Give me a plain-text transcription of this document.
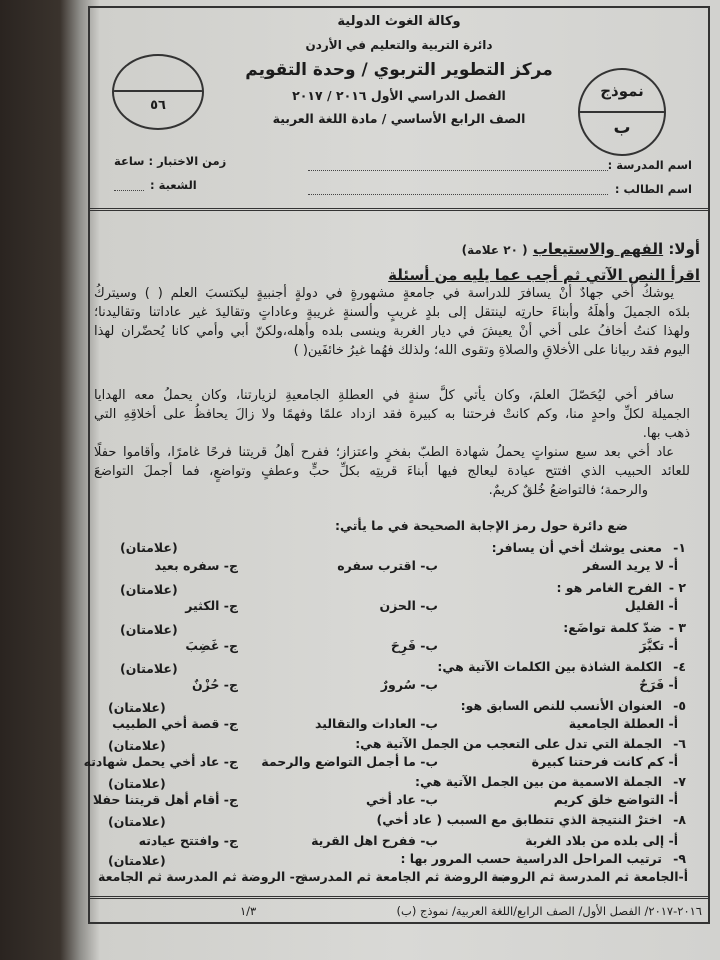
وكالة الغوث الدولية
دائرة التربية والتعليم في الأردن
مركز التطوير التربوي / وحدة التقويم
الفصل الدراسي الأول ٢٠١٦ / ٢٠١٧
الصف الرابع الأساسي / مادة اللغة العربية
نموذج
ب
٥٦
اسم المدرسة :
اسم الطالب :
زمن الاختبار : ساعة
الشعبة :
أولا: الفهم والاستيعاب ( ٢٠ علامة)
اقرأ النص الآتي ثم أجب عما يليه من أسئلة
يوشكُ أخي جهادٌ أنْ يسافرَ للدراسة في جامعةٍ مشهورةٍ في دولةٍ أجنبيةٍ ليكتسبَ العلم ( ) وسيتركُ
بلدَه الجميلَ وأهلَهُ وأبناءَ حارتِه لينتقل إلى بلدٍ غريبٍ وألسنةٍ غريبةٍ وعاداتٍ وتقاليدَ غير عاداتنا وتقاليدنا؛
ولهذا كنتُ أخافُ على أخي أنْ يعيشَ في ديار الغربة وينسى بلده وأهله،ولكنّ أبي وأمي كانا يُحضّران لهذا
اليوم فقد ربيانا على الأخلاقِ والصلاةِ وتقوى الله؛ ولذلك فهُما غيرُ خائفَين( )
سافر أخي ليُحَصّلَ العلمَ، وكان يأتي كلَّ سنةٍ في العطلةِ الجامعيةِ لزيارتنا، وكان يحملُ معه الهدايا
الجميلة لكلِّ واحدٍ منا، وكم كانتْ فرحتنا به كبيرة فقد ازداد علمًا وفهمًا ولا زالَ يحافظُ على أخلاقِهِ التي
ذهب بها.
عاد أخي بعد سبع سنواتٍ يحملُ شهادة الطبّ بفخرٍ واعتزاز؛ ففرح أهلُ قريتنا فرحًا غامرًا، وأقاموا حفلًا
للعائد الحبيب الذي افتتح عيادة ليعالج فيها أبناءَ قريتِه بكلِّ حبٍّ وعطفٍ وتواضعٍ، فما أجملَ التواضعَ
والرحمة؛ فالتواضعُ خُلقٌ كريمٌ.
ضع دائرة حول رمز الإجابة الصحيحة في ما يأتي:
١-
معنى يوشك أخي أن يسافر:
(علامتان)
أ- لا يريد السفر
ب- اقترب سفره
ج- سفره بعيد
٢ -
الفرح الغامر هو :
(علامتان)
أ- القليل
ب- الحزن
ج- الكثير
٣ -
ضدّ كلمة تواضَع:
(علامتان)
أ- تكبَّرَ
ب- فَرِحَ
ج- غَضِبَ
٤-
الكلمة الشاذة بين الكلمات الآتية هي:
(علامتان)
أ- فَرَحٌ
ب- سُرورٌ
ج- حُزْنٌ
٥-
العنوان الأنسب للنص السابق هو:
(علامتان)
أ- العطلة الجامعية
ب- العادات والتقاليد
ج- قصة أخي الطبيب
٦-
الجملة التي تدل على التعجب من الجمل الآتية هي:
(علامتان)
أ- كم كانت فرحتنا كبيرة
ب- ما أجمل التواضع والرحمة
ج- عاد أخي يحمل شهادته
٧-
الجملة الاسمية من بين الجمل الآتية هي:
(علامتان)
أ- التواضع خلق كريم
ب- عاد أخي
ج- أقام أهل قريتنا حفلا
٨-
اخترْ النتيجة الذي تتطابق مع السبب ( عاد أخي)
(علامتان)
أ- إلى بلده من بلاد الغربة
ب- ففرح اهل القرية
ج- وافتتح عيادته
٩-
ترتيب المراحل الدراسية حسب المرور بها :
(علامتان)
أ-الجامعة ثم المدرسة ثم الروضة
ب- الروضة ثم الجامعة ثم المدرسة
ج- الروضة ثم المدرسة ثم الجامعة
٢٠١٦-٢٠١٧/ الفصل الأول/ الصف الرابع/اللغة العربية/ نموذج (ب)
١/٣
